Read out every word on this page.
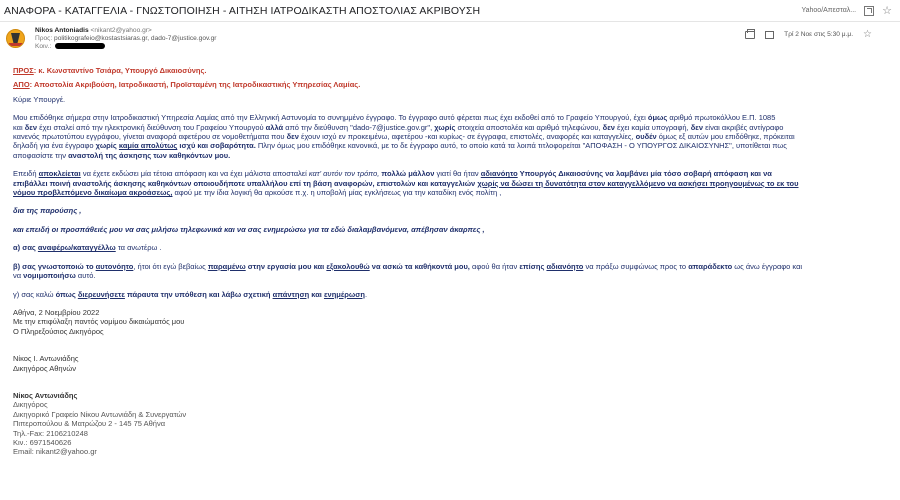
ΑΝΑΦΟΡΑ - ΚΑΤΑΓΓΕΛΙΑ - ΓΝΩΣΤΟΠΟΙΗΣΗ - ΑΙΤΗΣΗ ΙΑΤΡΟΔΙΚΑΣΤΗ ΑΠΟΣΤΟΛΙΑΣ ΑΚΡΙΒΟΥΣΗ	Yahoo/Απεσταλ... ☆
Nikos Antoniadis <nikant2@yahoo.gr>
Προς: politikografeio@kostastsiaras.gr, dado-7@justice.gov.gr
Κοιν.:
Τρί 2 Νοε στις 5:30 μ.μ. ☆

ΠΡΟΣ: κ. Κωνσταντίνο Τσιάρα, Υπουργό Δικαιοσύνης.

ΑΠΟ: Αποστολία Ακριβούση, Ιατροδικαστή, Προϊσταμένη της Ιατροδικαστικής Υπηρεσίας Λαμίας.

Κύριε Υπουργέ.

Μου επιδόθηκε σήμερα στην Ιατροδικαστική Υπηρεσία Λαμίας από την Ελληνική Αστυνομία το συνημμένο έγγραφο. Το έγγραφο αυτό φέρεται πως έχει εκδοθεί από το Γραφείο Υπουργού, έχει όμως αριθμό πρωτοκόλλου Ε.Π. 1085

και δεν έχει σταλεί από την ηλεκτρονική διεύθυνση του Γραφείου Υπουργού αλλά από την διεύθυνση "dado-7@justice.gov.gr", χωρίς στοιχεία αποστολέα και αριθμό τηλεφώνου, δεν έχει καμία υπογραφή, δεν είναι ακριβές αντίγραφο

κανενός πρωτοτύπου εγγράφου, γίνεται αναφορά αφετέρου σε νομοθετήματα που δεν έχουν ισχύ εν προκειμένω, αφετέρου -και κυρίως- σε έγγραφα, επιστολές, αναφορές και καταγγελίες, ουδέν όμως εξ αυτών μου επιδόθηκε, πρόκειται

δηλαδή για ένα έγγραφο χωρίς καμία απολύτως ισχύ και σοβαρότητα. Πλην όμως μου επιδόθηκε κανονικά, με το δε έγγραφο αυτό, το οποίο κατά τα λοιπά τιτλοφορείται "ΑΠΟΦΑΣΗ - Ο ΥΠΟΥΡΓΟΣ ΔΙΚΑΙΟΣΥΝΗΣ", υποτίθεται πως

αποφασίστε την αναστολή της άσκησης των καθηκόντων μου.

Επειδή αποκλείεται να έχετε εκδώσει μία τέτοια απόφαση και να έχει μάλιστα αποσταλεί κατ' αυτόν τον τρόπο, πολλώ μάλλον γιατί θα ήταν αδιανόητο Υπουργός Δικαιοσύνης να λαμβάνει μία τόσο σοβαρή απόφαση και να

επιβάλλει ποινή αναστολής άσκησης καθηκόντων οποιουδήποτε υπαλλήλου επί τη βάση αναφορών, επιστολών και καταγγελιών χωρίς να δώσει τη δυνατότητα στον καταγγελλόμενο να ασκήσει προηγουμένως το εκ του

νόμου προβλεπόμενο δικαίωμα ακροάσεως, αφού με την ίδια λογική θα αρκούσε π.χ. η υποβολή μίας εγκλήσεως για την καταδίκη ενός πολίτη ,

δια της παρούσης ,

και επειδή οι προσπάθειές μου να σας μιλήσω τηλεφωνικά και να σας ενημερώσω για τα εδώ διαλαμβανόμενα, απέβησαν άκαρπες ,

α) σας αναφέρω/καταγγέλλω τα ανωτέρω .

β) σας γνωστοποιώ το αυτονόητο, ήτοι ότι εγώ βεβαίως παραμένω στην εργασία μου και εξακολουθώ να ασκώ τα καθήκοντά μου, αφού θα ήταν επίσης αδιανόητο να πράξω συμφώνως προς το απαράδεκτο ως άνω έγγραφο και

να νομιμοποιήσω αυτό.

γ) σας καλώ όπως διερευνήσετε πάραυτα την υπόθεση και λάβω σχετική απάντηση και ενημέρωση.

Αθήνα, 2 Νοεμβρίου 2022

Με την επιφύλαξη παντός νομίμου δικαιώματός μου

Ο Πληρεξούσιος Δικηγόρος

Νίκος Ι. Αντωνιάδης

Δικηγόρος Αθηνών

Νίκος Αντωνιάδης

Δικηγόρος

Δικηγορικό Γραφείο Νίκου Αντωνιάδη & Συνεργατών

Πιπεροπούλου & Ματρώζου 2 - 145 75 Αθήνα

Τηλ.-Fax: 2106210248

Κιν.: 6971540626

Email: nikant2@yahoo.gr
